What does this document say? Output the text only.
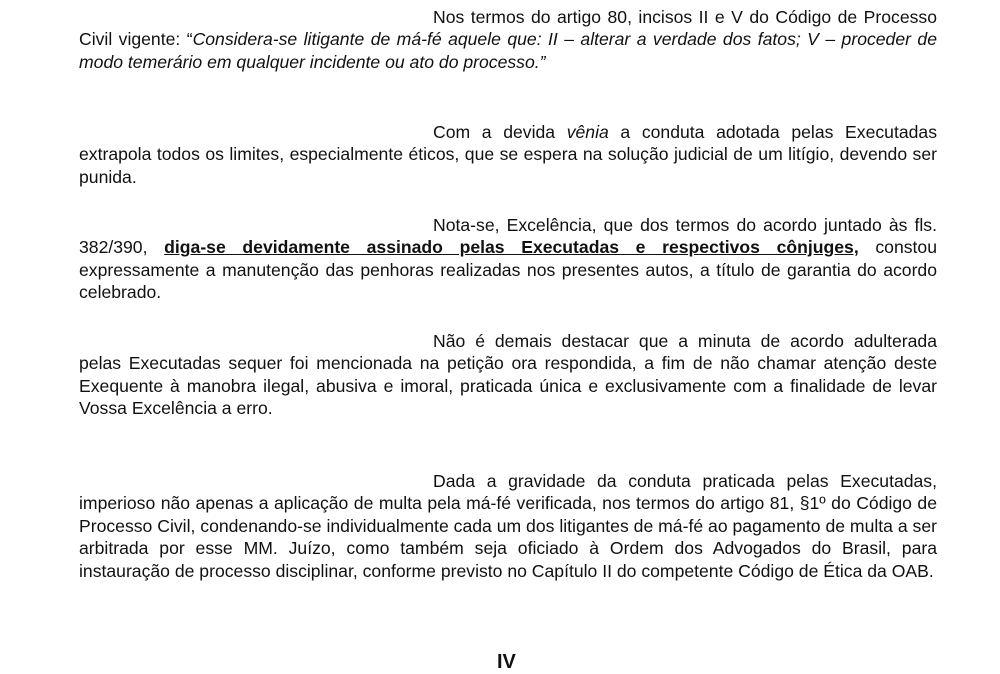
Nos termos do artigo 80, incisos II e V do Código de Processo Civil vigente: “Considera-se litigante de má-fé aquele que: II – alterar a verdade dos fatos; V – proceder de modo temerário em qualquer incidente ou ato do processo.”

Com a devida vênia a conduta adotada pelas Executadas extrapola todos os limites, especialmente éticos, que se espera na solução judicial de um litígio, devendo ser punida.

Nota-se, Excelência, que dos termos do acordo juntado às fls. 382/390, diga-se devidamente assinado pelas Executadas e respectivos cônjuges, constou expressamente a manutenção das penhoras realizadas nos presentes autos, a título de garantia do acordo celebrado.

Não é demais destacar que a minuta de acordo adulterada pelas Executadas sequer foi mencionada na petição ora respondida, a fim de não chamar atenção deste Exequente à manobra ilegal, abusiva e imoral, praticada única e exclusivamente com a finalidade de levar Vossa Excelência a erro.

Dada a gravidade da conduta praticada pelas Executadas, imperioso não apenas a aplicação de multa pela má-fé verificada, nos termos do artigo 81, §1º do Código de Processo Civil, condenando-se individualmente cada um dos litigantes de má-fé ao pagamento de multa a ser arbitrada por esse MM. Juízo, como também seja oficiado à Ordem dos Advogados do Brasil, para instauração de processo disciplinar, conforme previsto no Capítulo II do competente Código de Ética da OAB.

IV
